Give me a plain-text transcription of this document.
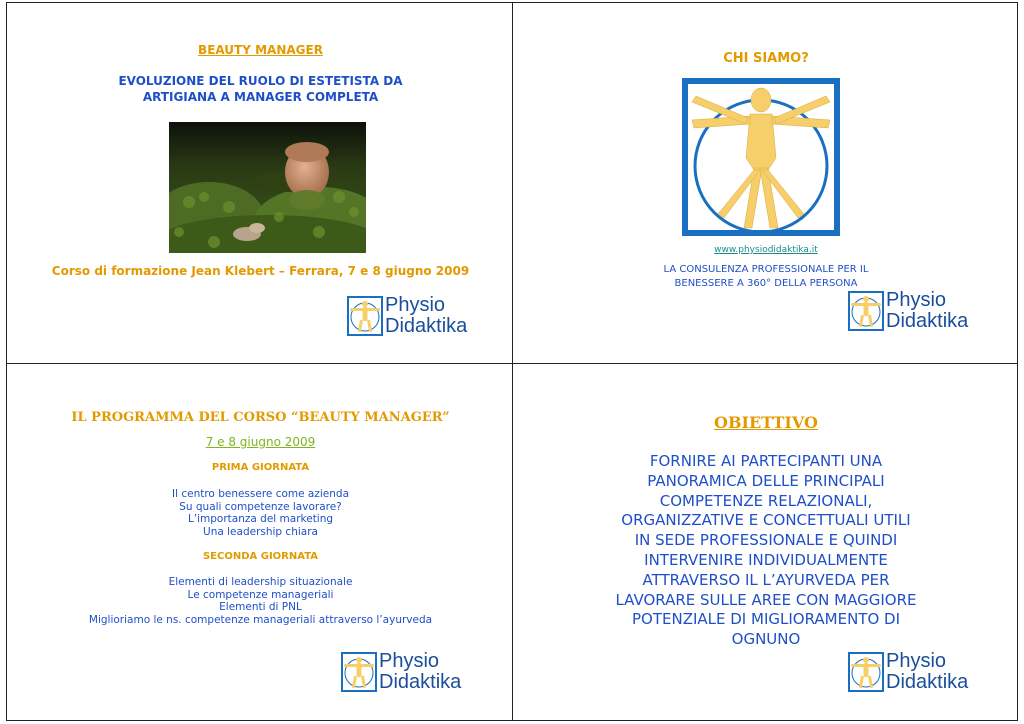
BEAUTY MANAGER
EVOLUZIONE DEL RUOLO DI ESTETISTA DA
ARTIGIANA A MANAGER COMPLETA
Corso di formazione Jean Klebert – Ferrara, 7 e 8 giugno 2009
Physio
Didaktika
CHI SIAMO?
www.physiodidaktika.it
LA CONSULENZA PROFESSIONALE PER IL
BENESSERE A 360° DELLA PERSONA
Physio
Didaktika
IL PROGRAMMA DEL CORSO “BEAUTY MANAGER”
7 e 8 giugno 2009
PRIMA GIORNATA
Il centro benessere come azienda
Su quali competenze lavorare?
L’importanza del marketing
Una leadership chiara
SECONDA GIORNATA
Elementi di leadership situazionale
Le competenze manageriali
Elementi di PNL
Miglioriamo le ns. competenze manageriali attraverso l’ayurveda
Physio
Didaktika
OBIETTIVO
FORNIRE AI PARTECIPANTI UNA
PANORAMICA DELLE PRINCIPALI
COMPETENZE RELAZIONALI,
ORGANIZZATIVE E CONCETTUALI UTILI
IN SEDE PROFESSIONALE E QUINDI
INTERVENIRE INDIVIDUALMENTE
ATTRAVERSO IL L’AYURVEDA PER
LAVORARE SULLE AREE CON MAGGIORE
POTENZIALE DI MIGLIORAMENTO DI
OGNUNO
Physio
Didaktika
